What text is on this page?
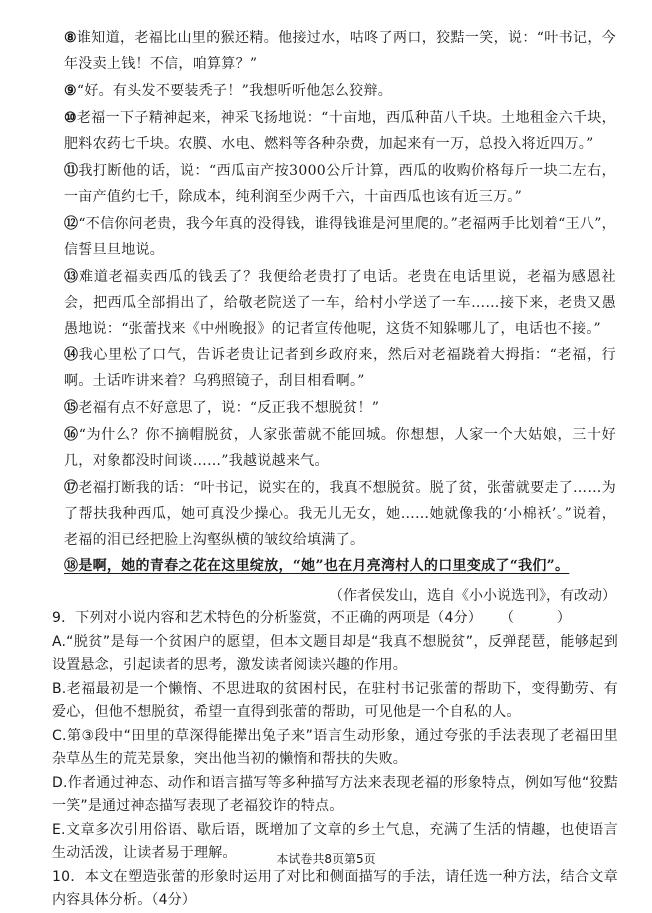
⑧谁知道，老福比山里的猴还精。他接过水，咕咚了两口，狡黠一笑，说：“叶书记，今年没卖上钱！不信，咱算算？”
⑨“好。有头发不要装秃子！”我想听听他怎么狡辩。
⑩老福一下子精神起来，神采飞扬地说：“十亩地，西瓜种苗八千块。土地租金六千块，肥料农药七千块。农膜、水电、燃料等各种杂费，加起来有一万，总投入将近四万。”
⑪我打断他的话，说：“西瓜亩产按3000公斤计算，西瓜的收购价格每斤一块二左右，一亩产值约七千，除成本，纯利润至少两千六，十亩西瓜也该有近三万。”
⑫“不信你问老贵，我今年真的没得钱，谁得钱谁是河里爬的。”老福两手比划着“王八”，信誓旦旦地说。
⑬难道老福卖西瓜的钱丢了？我便给老贵打了电话。老贵在电话里说，老福为感恩社会，把西瓜全部捐出了，给敬老院送了一车，给村小学送了一车……接下来，老贵又愚愚地说：“张蕾找来《中州晚报》的记者宣传他呢，这货不知躲哪儿了，电话也不接。”
⑭我心里松了口气，告诉老贵让记者到乡政府来，然后对老福跷着大拇指：“老福，行啊。土话咋讲来着？乌鸦照镜子，刮目相看啊。”
⑮老福有点不好意思了，说：“反正我不想脱贫！”
⑯“为什么？你不摘帽脱贫，人家张蕾就不能回城。你想想，人家一个大姑娘，三十好几，对象都没时间谈……”我越说越来气。
⑰老福打断我的话：“叶书记，说实在的，我真不想脱贫。脱了贫，张蕾就要走了……为了帮扶我种西瓜，她可真没少操心。我无儿无女，她……她就像我的‘小棉袄’。”说着，老福的泪已经把脸上沟壑纵横的皱纹给填满了。
⑱是啊，她的青春之花在这里绽放，“她”也在月亮湾村人的口里变成了“我们”。
（作者侯发山，选自《小小说选刊》，有改动）
9．下列对小说内容和艺术特色的分析鉴赏，不正确的两项是（4分） （　　　）
A.“脱贫”是每一个贫困户的愿望，但本文题目却是“我真不想脱贫”，反弹琵琶，能够起到设置悬念，引起读者的思考，激发读者阅读兴趣的作用。
B.老福最初是一个懒惰、不思进取的贫困村民，在驻村书记张蕾的帮助下，变得勤劳、有爱心，但他不想脱贫，希望一直得到张蕾的帮助，可见他是一个自私的人。
C.第③段中“田里的草深得能撵出兔子来”语言生动形象，通过夸张的手法表现了老福田里杂草丛生的荒芜景象，突出他当初的懒惰和帮扶的失败。
D.作者通过神态、动作和语言描写等多种描写方法来表现老福的形象特点，例如写他“狡黠一笑”是通过神态描写表现了老福狡诈的特点。
E.文章多次引用俗语、歇后语，既增加了文章的乡土气息，充满了生活的情趣，也使语言生动活泼，让读者易于理解。
10．本文在塑造张蕾的形象时运用了对比和侧面描写的手法，请任选一种方法，结合文章内容具体分析。（4分）
本试卷共8页第5页
